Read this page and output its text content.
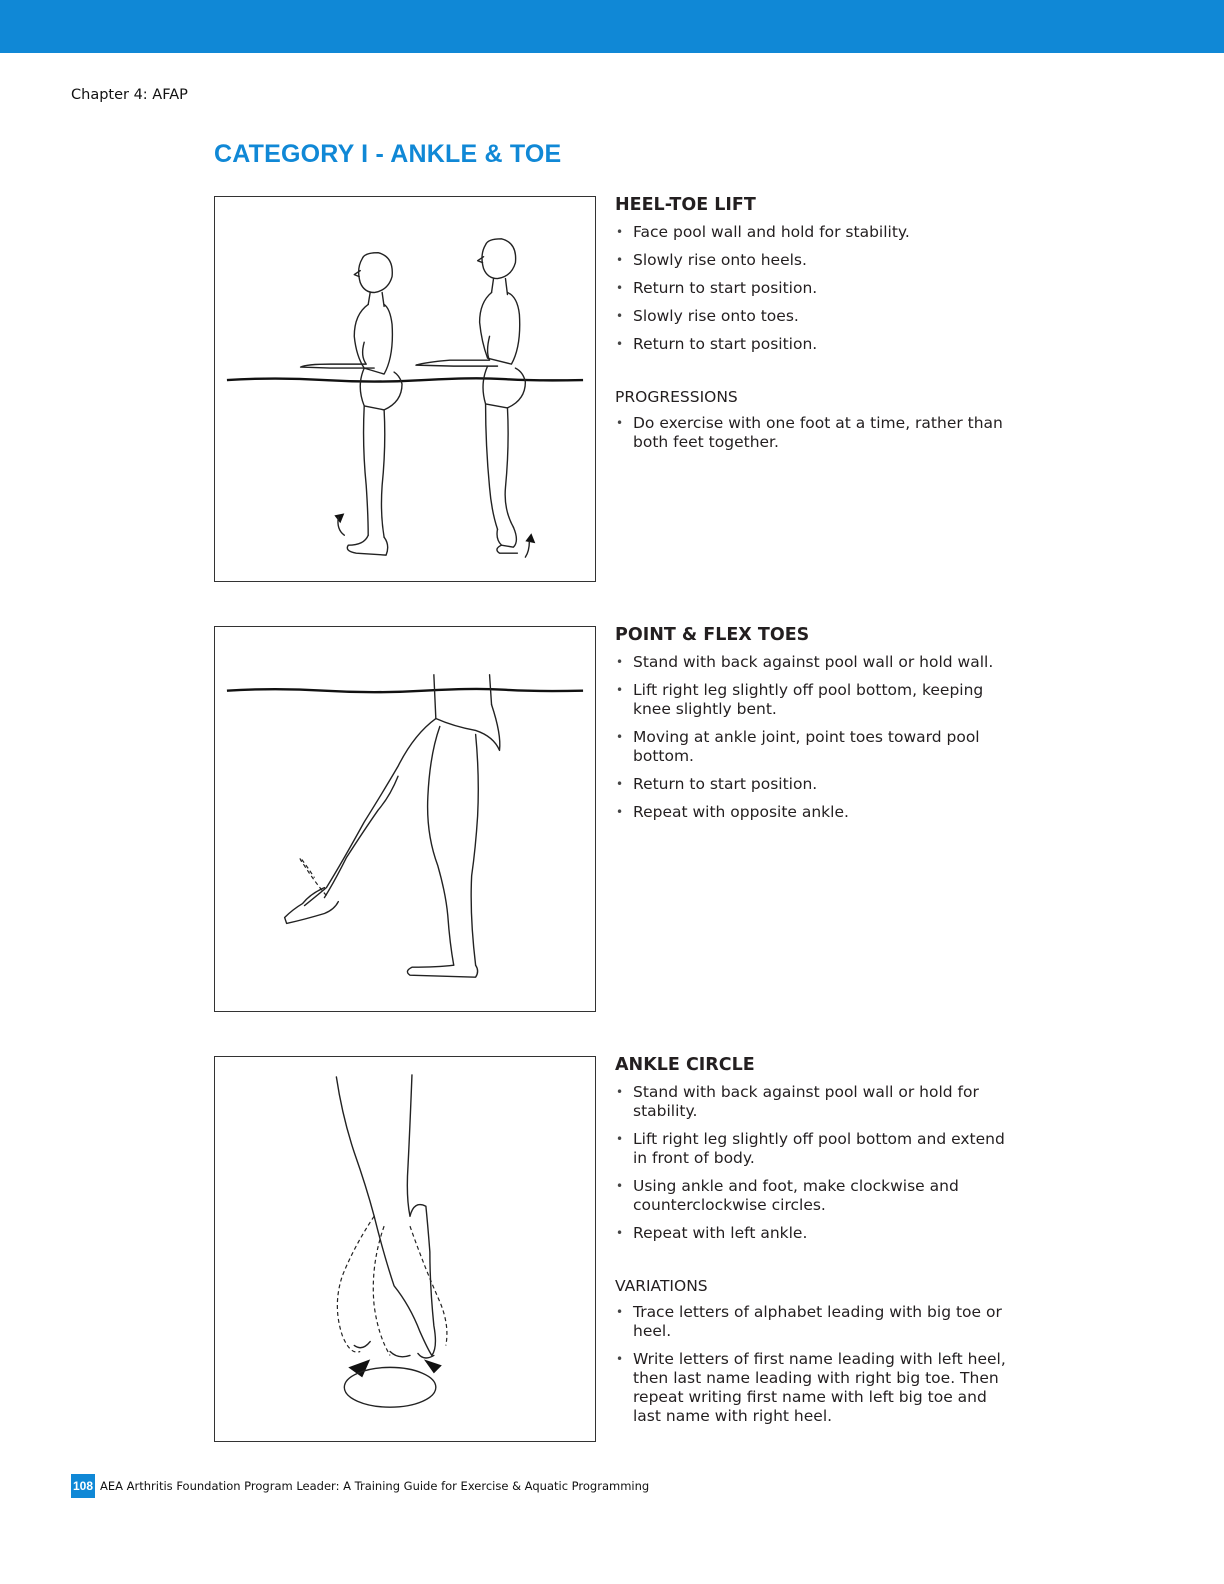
Chapter 4: AFAP
CATEGORY I - ANKLE & TOE
HEEL-TOE LIFT
• Face pool wall and hold for stability.
• Slowly rise onto heels.
• Return to start position.
• Slowly rise onto toes.
• Return to start position.
PROGRESSIONS
• Do exercise with one foot at a time, rather than both feet together.
POINT & FLEX TOES
• Stand with back against pool wall or hold wall.
• Lift right leg slightly off pool bottom, keeping knee slightly bent.
• Moving at ankle joint, point toes toward pool bottom.
• Return to start position.
• Repeat with opposite ankle.
ANKLE CIRCLE
• Stand with back against pool wall or hold for stability.
• Lift right leg slightly off pool bottom and extend in front of body.
• Using ankle and foot, make clockwise and counterclockwise circles.
• Repeat with left ankle.
VARIATIONS
• Trace letters of alphabet leading with big toe or heel.
• Write letters of first name leading with left heel, then last name leading with right big toe. Then repeat writing first name with left big toe and last name with right heel.
108 AEA Arthritis Foundation Program Leader: A Training Guide for Exercise & Aquatic Programming
